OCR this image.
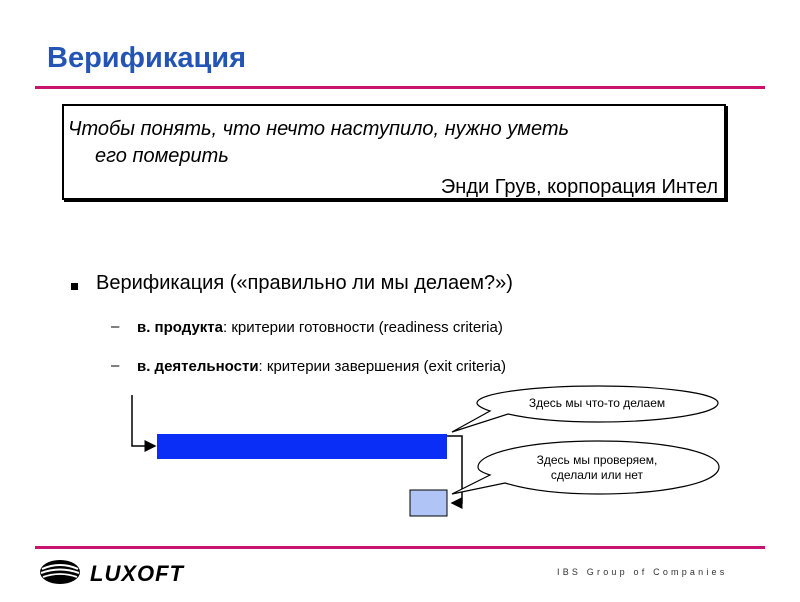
Верификация
Чтобы понять, что нечто наступило, нужно уметь
его померить
Энди Грув, корпорация Интел
Верификация («правильно ли мы делаем?»)
– в. продукта: критерии готовности (readiness criteria)
– в. деятельности: критерии завершения (exit criteria)
Здесь мы что-то делаем
Здесь мы проверяем,
сделали или нет
LUXOFT	IBS Group of Companies
